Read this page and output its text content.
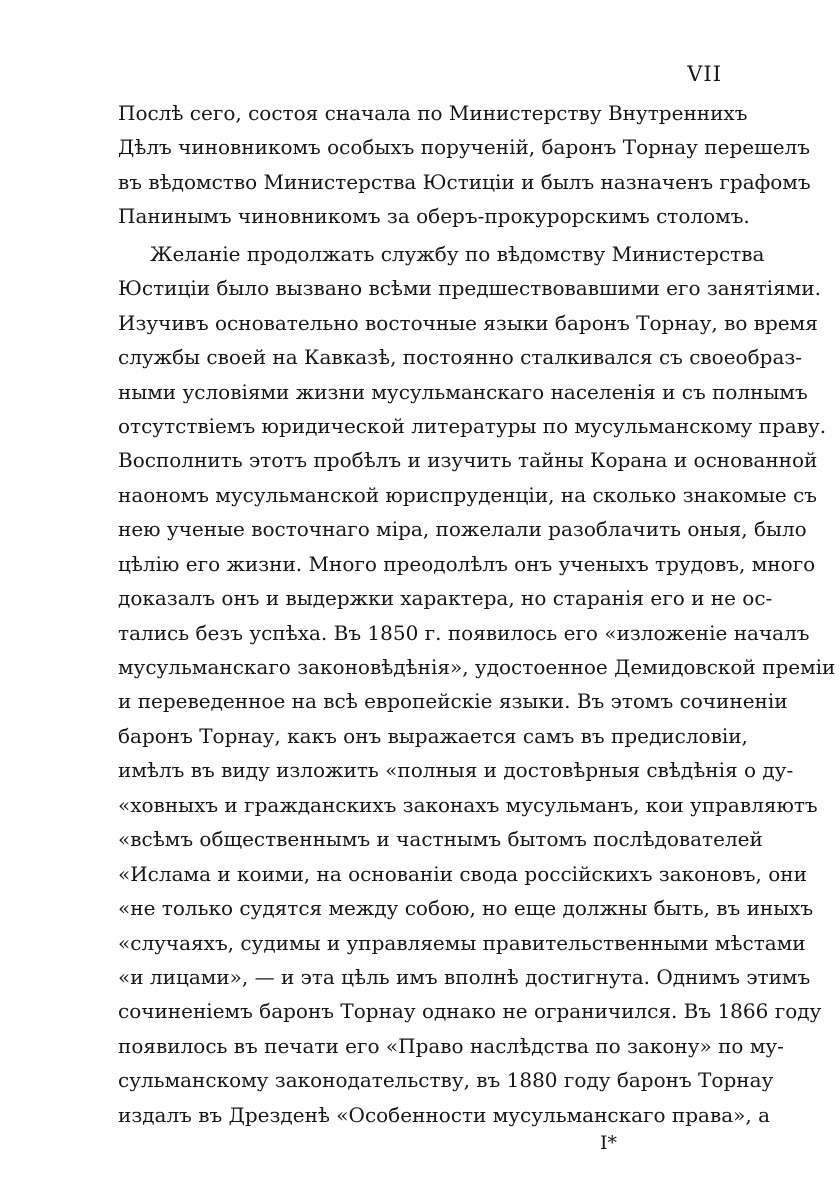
VII
Послѣ сего, состоя сначала по Министерству Внутреннихъ
Дѣлъ чиновникомъ особыхъ порученій, баронъ Торнау перешелъ
въ вѣдомство Министерства Юстиціи и былъ назначенъ графомъ
Панинымъ чиновникомъ за оберъ-прокурорскимъ столомъ.
Желаніе продолжать службу по вѣдомству Министерства
Юстиціи было вызвано всѣми предшествовавшими его занятіями.
Изучивъ основательно восточные языки баронъ Торнау, во время
службы своей на Кавказѣ, постоянно сталкивался съ своеобраз-
ными условіями жизни мусульманскаго населенія и съ полнымъ
отсутствіемъ юридической литературы по мусульманскому праву.
Восполнить этотъ пробѣлъ и изучить тайны Корана и основанной
наономъ мусульманской юриспруденціи, на сколько знакомые съ
нею ученые восточнаго міра, пожелали разоблачить оныя, было
цѣлію его жизни. Много преодолѣлъ онъ ученыхъ трудовъ, много
доказалъ онъ и выдержки характера, но старанія его и не ос-
тались безъ успѣха. Въ 1850 г. появилось его «изложеніе началъ
мусульманскаго законовѣдѣнія», удостоенное Демидовской преміи
и переведенное на всѣ европейскіе языки. Въ этомъ сочиненіи
баронъ Торнау, какъ онъ выражается самъ въ предисловіи,
имѣлъ въ виду изложить «полныя и достовѣрныя свѣдѣнія о ду-
«ховныхъ и гражданскихъ законахъ мусульманъ, кои управляютъ
«всѣмъ общественнымъ и частнымъ бытомъ послѣдователей
«Ислама и коими, на основаніи свода россійскихъ законовъ, они
«не только судятся между собою, но еще должны быть, въ иныхъ
«случаяхъ, судимы и управляемы правительственными мѣстами
«и лицами», — и эта цѣль имъ вполнѣ достигнута. Однимъ этимъ
сочиненіемъ баронъ Торнау однако не ограничился. Въ 1866 году
появилось въ печати его «Право наслѣдства по закону» по му-
сульманскому законодательству, въ 1880 году баронъ Торнау
издалъ въ Дрезденѣ «Особенности мусульманскаго права», а
I*
